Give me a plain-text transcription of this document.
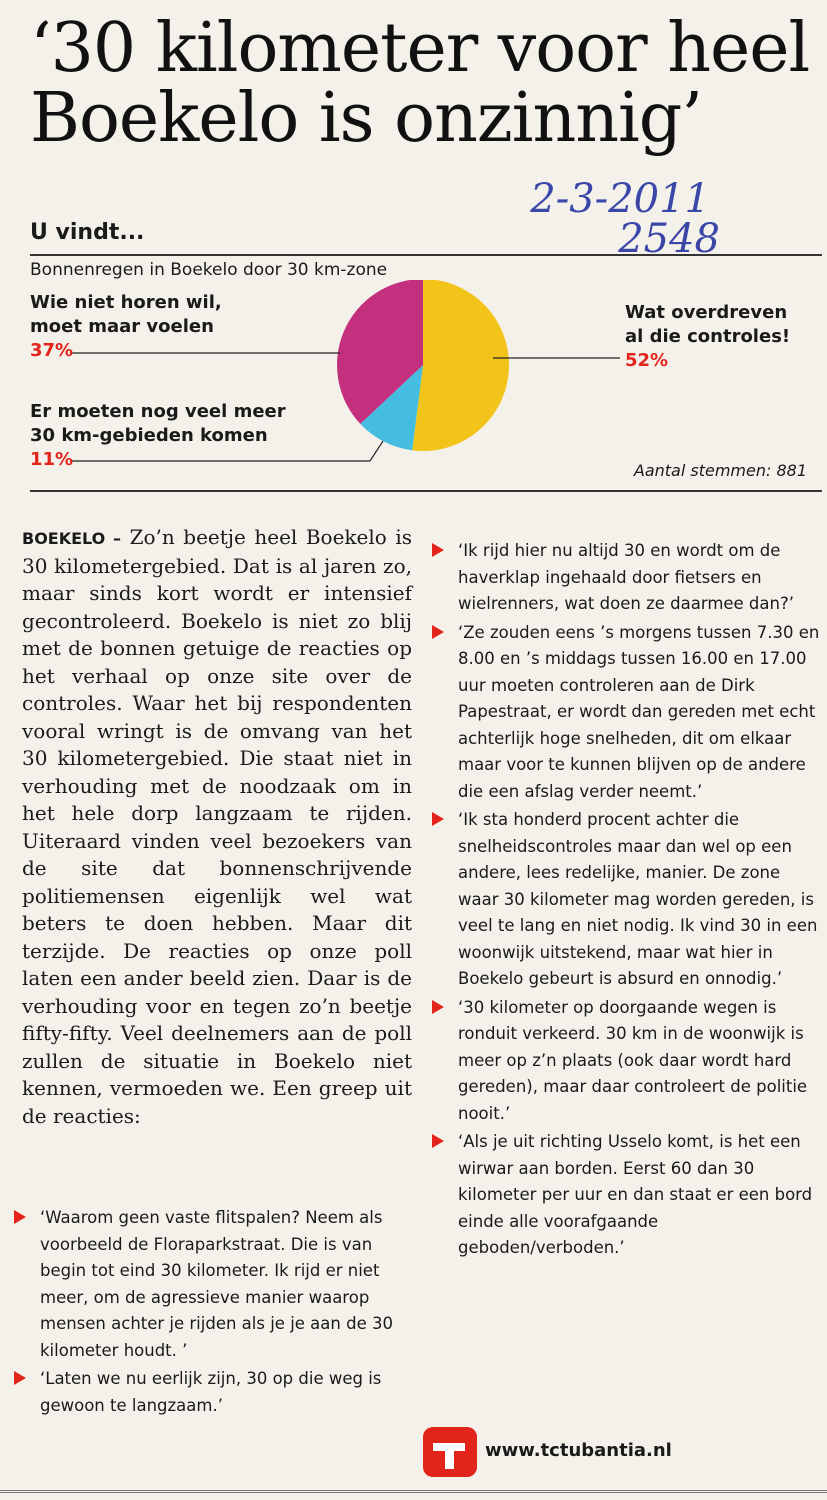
‘30 kilometer voor heel
Boekelo is onzinnig’
2-3-2011
2548
U vindt...
Bonnenregen in Boekelo door 30 km-zone
Wie niet horen wil,
moet maar voelen
37%
Er moeten nog veel meer
30 km-gebieden komen
11%
Wat overdreven
al die controles!
52%
Aantal stemmen: 881
BOEKELO – Zo’n beetje heel Boekelo is 30 kilometergebied. Dat is al jaren zo, maar sinds kort wordt er intensief gecontroleerd. Boekelo is niet zo blij met de bonnen getuige de reacties op het verhaal op onze site over de controles. Waar het bij respondenten vooral wringt is de omvang van het 30 kilometergebied. Die staat niet in verhouding met de noodzaak om in het hele dorp langzaam te rijden. Uiteraard vinden veel bezoekers van de site dat bonnenschrijvende politiemensen eigenlijk wel wat beters te doen hebben. Maar dit terzijde. De reacties op onze poll laten een ander beeld zien. Daar is de verhouding voor en tegen zo’n beetje fifty-fifty. Veel deelnemers aan de poll zullen de situatie in Boekelo niet kennen, vermoeden we. Een greep uit de reacties:
‘Waarom geen vaste flitspalen? Neem als voorbeeld de Floraparkstraat. Die is van begin tot eind 30 kilometer. Ik rijd er niet meer, om de agressieve manier waarop mensen achter je rijden als je je aan de 30 kilometer houdt. ’
‘Laten we nu eerlijk zijn, 30 op die weg is gewoon te langzaam.’
‘Ik rijd hier nu altijd 30 en wordt om de haverklap ingehaald door fietsers en wielrenners, wat doen ze daarmee dan?’
‘Ze zouden eens ’s morgens tussen 7.30 en 8.00 en ’s middags tussen 16.00 en 17.00 uur moeten controleren aan de Dirk Papestraat, er wordt dan gereden met echt achterlijk hoge snelheden, dit om elkaar maar voor te kunnen blijven op de andere die een afslag verder neemt.’
‘Ik sta honderd procent achter die snelheidscontroles maar dan wel op een andere, lees redelijke, manier. De zone waar 30 kilometer mag worden gereden, is veel te lang en niet nodig. Ik vind 30 in een woonwijk uitstekend, maar wat hier in Boekelo gebeurt is absurd en onnodig.’
‘30 kilometer op doorgaande wegen is ronduit verkeerd. 30 km in de woonwijk is meer op z’n plaats (ook daar wordt hard gereden), maar daar controleert de politie nooit.’
‘Als je uit richting Usselo komt, is het een wirwar aan borden. Eerst 60 dan 30 kilometer per uur en dan staat er een bord einde alle voorafgaande geboden/verboden.’
www.tctubantia.nl
